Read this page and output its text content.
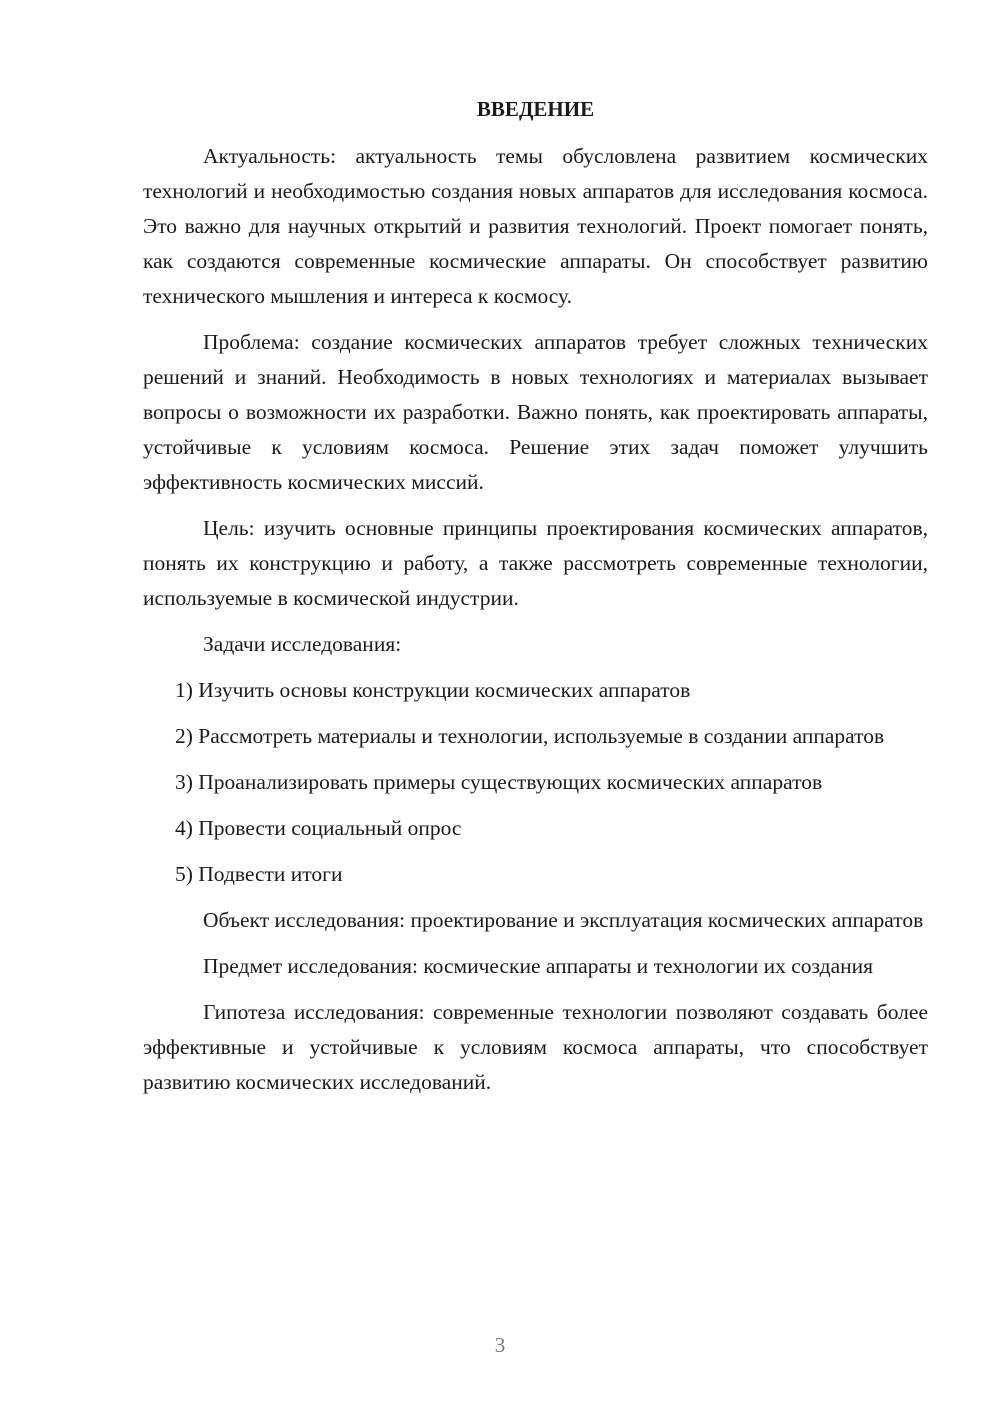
ВВЕДЕНИЕ

Актуальность: актуальность темы обусловлена развитием космических технологий и необходимостью создания новых аппаратов для исследования космоса. Это важно для научных открытий и развития технологий. Проект помогает понять, как создаются современные космические аппараты. Он способствует развитию технического мышления и интереса к космосу.

Проблема: создание космических аппаратов требует сложных технических решений и знаний. Необходимость в новых технологиях и материалах вызывает вопросы о возможности их разработки. Важно понять, как проектировать аппараты, устойчивые к условиям космоса. Решение этих задач поможет улучшить эффективность космических миссий.

Цель: изучить основные принципы проектирования космических аппаратов, понять их конструкцию и работу, а также рассмотреть современные технологии, используемые в космической индустрии.

Задачи исследования:

1) Изучить основы конструкции космических аппаратов

2) Рассмотреть материалы и технологии, используемые в создании аппаратов

3) Проанализировать примеры существующих космических аппаратов

4) Провести социальный опрос

5) Подвести итоги

Объект исследования: проектирование и эксплуатация космических аппаратов

Предмет исследования: космические аппараты и технологии их создания

Гипотеза исследования: современные технологии позволяют создавать более эффективные и устойчивые к условиям космоса аппараты, что способствует развитию космических исследований.

3
